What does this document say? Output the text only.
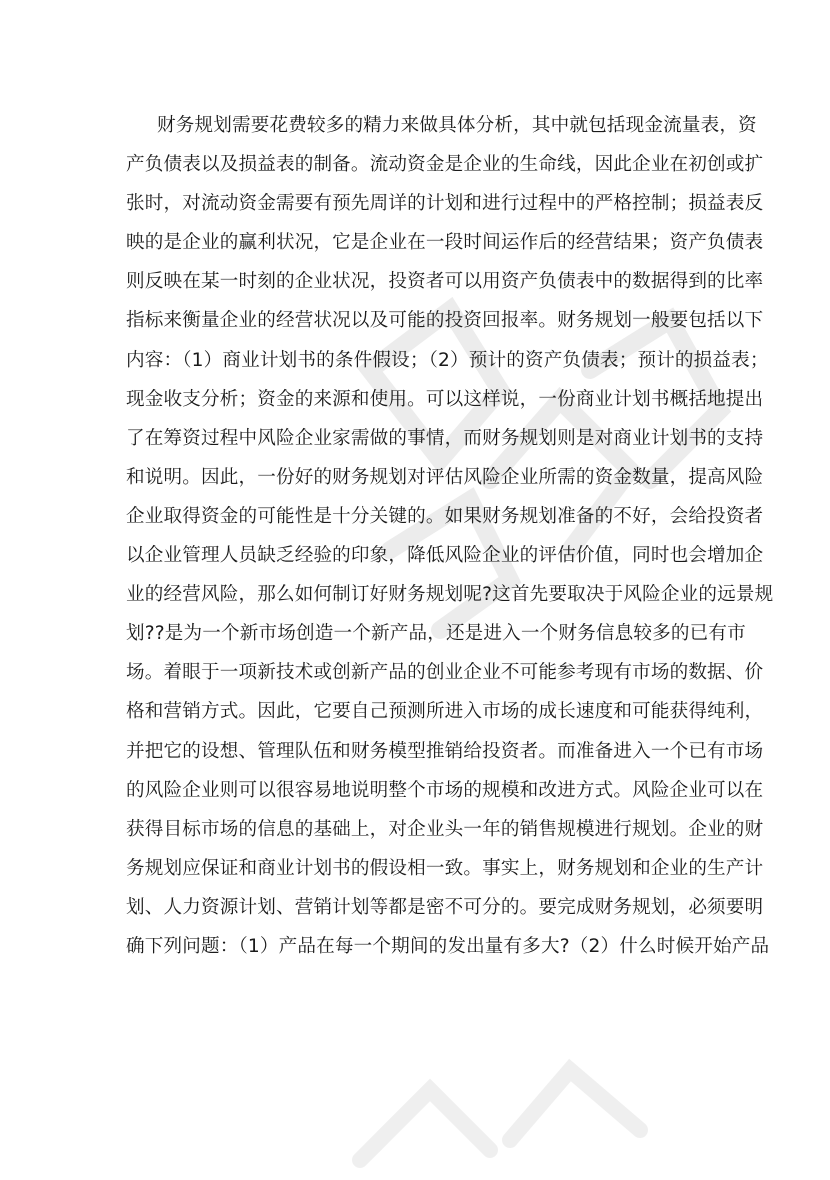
财务规划需要花费较多的精力来做具体分析，其中就包括现金流量表，资
产负债表以及损益表的制备。流动资金是企业的生命线，因此企业在初创或扩
张时，对流动资金需要有预先周详的计划和进行过程中的严格控制；损益表反
映的是企业的赢利状况，它是企业在一段时间运作后的经营结果；资产负债表
则反映在某一时刻的企业状况，投资者可以用资产负债表中的数据得到的比率
指标来衡量企业的经营状况以及可能的投资回报率。财务规划一般要包括以下
内容：（1）商业计划书的条件假设；（2）预计的资产负债表；预计的损益表；
现金收支分析；资金的来源和使用。可以这样说，一份商业计划书概括地提出
了在筹资过程中风险企业家需做的事情，而财务规划则是对商业计划书的支持
和说明。因此，一份好的财务规划对评估风险企业所需的资金数量，提高风险
企业取得资金的可能性是十分关键的。如果财务规划准备的不好，会给投资者
以企业管理人员缺乏经验的印象，降低风险企业的评估价值，同时也会增加企
业的经营风险，那么如何制订好财务规划呢?这首先要取决于风险企业的远景规
划??是为一个新市场创造一个新产品，还是进入一个财务信息较多的已有市
场。着眼于一项新技术或创新产品的创业企业不可能参考现有市场的数据、价
格和营销方式。因此，它要自己预测所进入市场的成长速度和可能获得纯利，
并把它的设想、管理队伍和财务模型推销给投资者。而准备进入一个已有市场
的风险企业则可以很容易地说明整个市场的规模和改进方式。风险企业可以在
获得目标市场的信息的基础上，对企业头一年的销售规模进行规划。企业的财
务规划应保证和商业计划书的假设相一致。事实上，财务规划和企业的生产计
划、人力资源计划、营销计划等都是密不可分的。要完成财务规划，必须要明
确下列问题：（1）产品在每一个期间的发出量有多大?（2）什么时候开始产品
